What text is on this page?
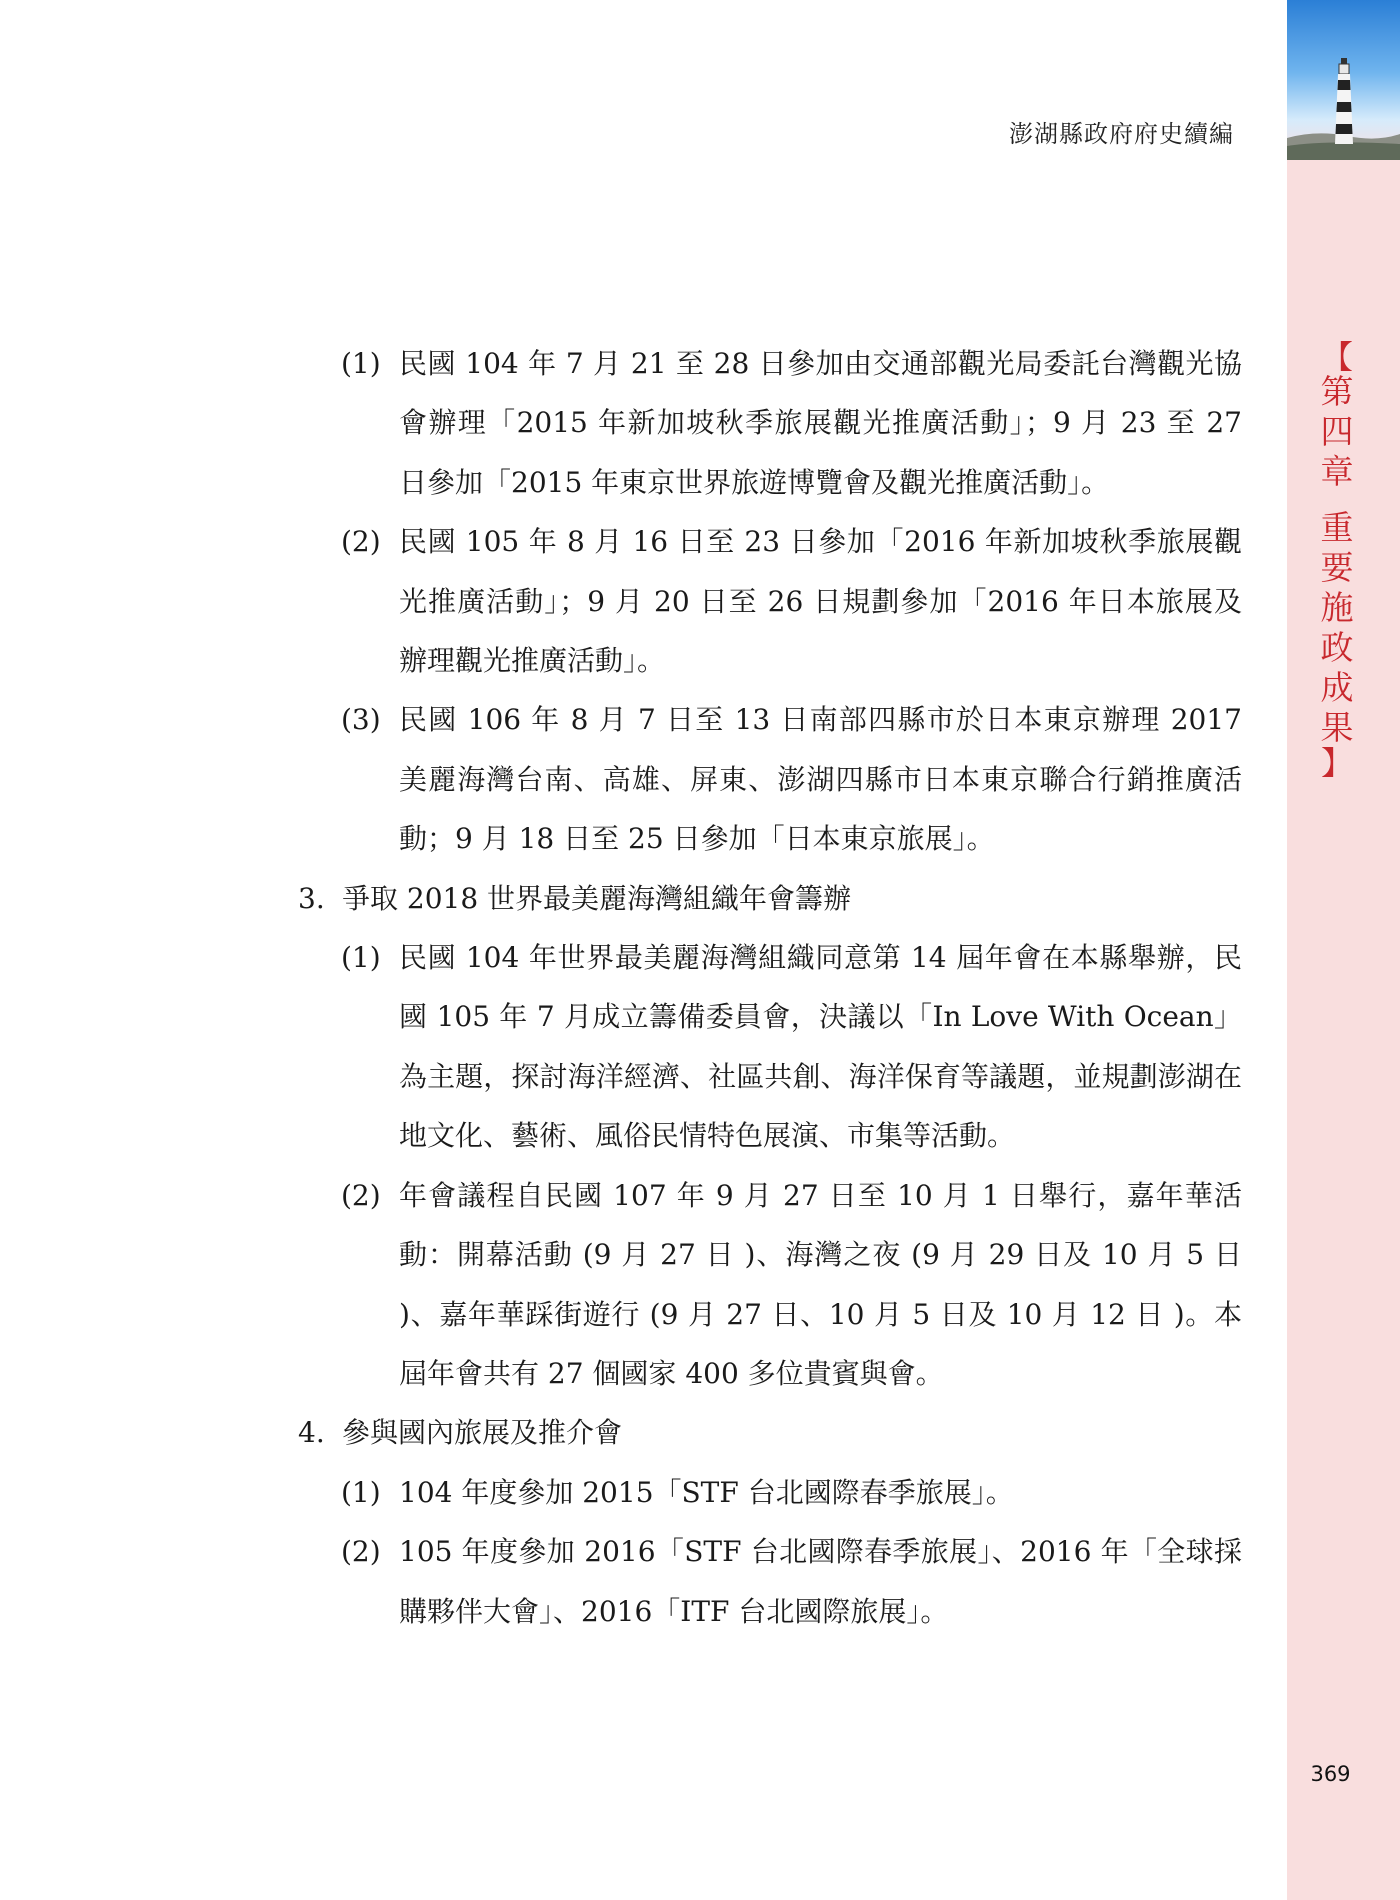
澎湖縣政府府史續編
【
第
四
章
重
要
施
政
成
果
】

(1) 民國 104 年 7 月 21 至 28 日參加由交通部觀光局委託台灣觀光協會辦理「2015 年新加坡秋季旅展觀光推廣活動」；9 月 23 至 27 日參加「2015 年東京世界旅遊博覽會及觀光推廣活動」。

(2) 民國 105 年 8 月 16 日至 23 日參加「2016 年新加坡秋季旅展觀光推廣活動」；9 月 20 日至 26 日規劃參加「2016 年日本旅展及辦理觀光推廣活動」。

(3) 民國 106 年 8 月 7 日至 13 日南部四縣市於日本東京辦理 2017 美麗海灣台南、高雄、屏東、澎湖四縣市日本東京聯合行銷推廣活動；9 月 18 日至 25 日參加「日本東京旅展」。

3. 爭取 2018 世界最美麗海灣組織年會籌辦

(1) 民國 104 年世界最美麗海灣組織同意第 14 屆年會在本縣舉辦，民國 105 年 7 月成立籌備委員會，決議以「In Love With Ocean」為主題，探討海洋經濟、社區共創、海洋保育等議題，並規劃澎湖在地文化、藝術、風俗民情特色展演、市集等活動。

(2) 年會議程自民國 107 年 9 月 27 日至 10 月 1 日舉行，嘉年華活動：開幕活動 (9 月 27 日 )、海灣之夜 (9 月 29 日及 10 月 5 日 )、嘉年華踩街遊行 (9 月 27 日、10 月 5 日及 10 月 12 日 )。本屆年會共有 27 個國家 400 多位貴賓與會。

4. 參與國內旅展及推介會

(1) 104 年度參加 2015「STF 台北國際春季旅展」。

(2) 105 年度參加 2016「STF 台北國際春季旅展」、2016 年「全球採購夥伴大會」、2016「ITF 台北國際旅展」。

369
